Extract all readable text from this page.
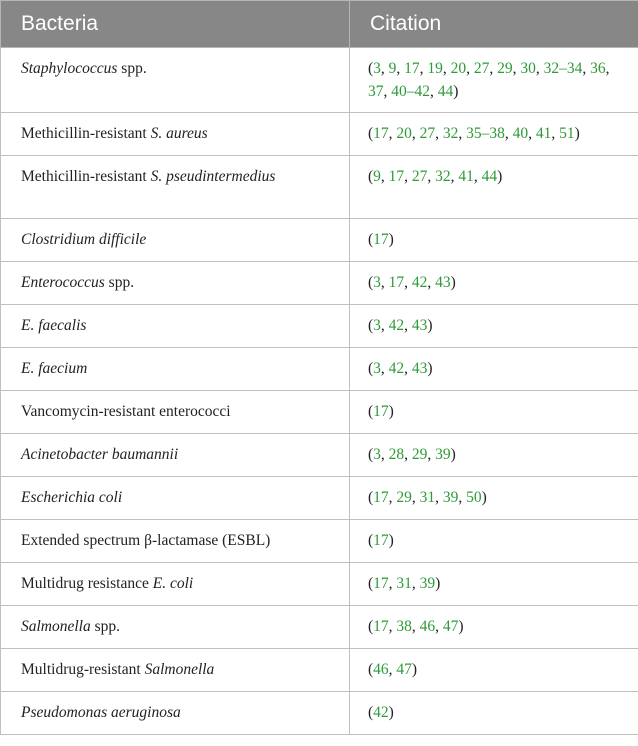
Bacteria	Citation
Staphylococcus spp.	(3, 9, 17, 19, 20, 27, 29, 30, 32–34, 36, 37, 40–42, 44)
Methicillin-resistant S. aureus	(17, 20, 27, 32, 35–38, 40, 41, 51)
Methicillin-resistant S. pseudintermedius	(9, 17, 27, 32, 41, 44)
Clostridium difficile	(17)
Enterococcus spp.	(3, 17, 42, 43)
E. faecalis	(3, 42, 43)
E. faecium	(3, 42, 43)
Vancomycin-resistant enterococci	(17)
Acinetobacter baumannii	(3, 28, 29, 39)
Escherichia coli	(17, 29, 31, 39, 50)
Extended spectrum β-lactamase (ESBL)	(17)
Multidrug resistance E. coli	(17, 31, 39)
Salmonella spp.	(17, 38, 46, 47)
Multidrug-resistant Salmonella	(46, 47)
Pseudomonas aeruginosa	(42)
